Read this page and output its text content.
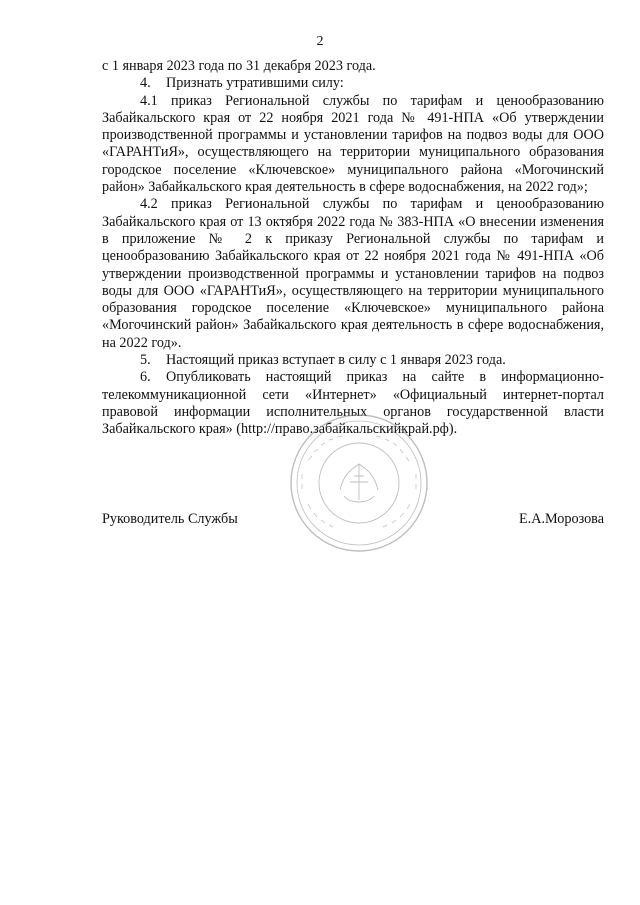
2

с 1 января 2023 года по 31 декабря 2023 года.

4. Признать утратившими силу:

4.1 приказ Региональной службы по тарифам и ценообразованию Забайкальского края от 22 ноября 2021 года № 491-НПА «Об утверждении производственной программы и установлении тарифов на подвоз воды для ООО «ГАРАНТиЯ», осуществляющего на территории муниципального образования городское поселение «Ключевское» муниципального района «Могочинский район» Забайкальского края деятельность в сфере водоснабжения, на 2022 год»;

4.2 приказ Региональной службы по тарифам и ценообразованию Забайкальского края от 13 октября 2022 года № 383-НПА «О внесении изменения в приложение № 2 к приказу Региональной службы по тарифам и ценообразованию Забайкальского края от 22 ноября 2021 года № 491-НПА «Об утверждении производственной программы и установлении тарифов на подвоз воды для ООО «ГАРАНТиЯ», осуществляющего на территории муниципального образования городское поселение «Ключевское» муниципального района «Могочинский район» Забайкальского края деятельность в сфере водоснабжения, на 2022 год».

5. Настоящий приказ вступает в силу с 1 января 2023 года.

6. Опубликовать настоящий приказ на сайте в информационно-телекоммуникационной сети «Интернет» «Официальный интернет-портал правовой информации исполнительных органов государственной власти Забайкальского края» (http://право.забайкальскийкрай.рф).

Руководитель Службы	Е.А.Морозова
